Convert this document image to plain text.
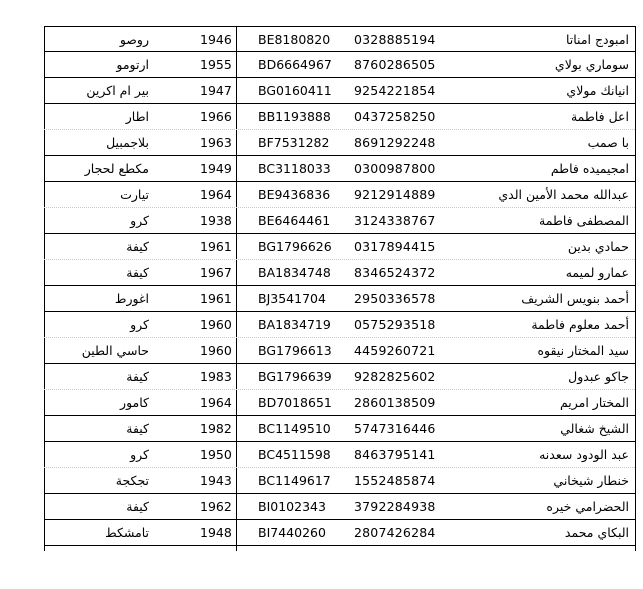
امبودج امناتا
0328885194
BE8180820
1946
روصو
سوماري بولاي
8760286505
BD6664967
1955
ارتومو
انيانك مولاي
9254221854
BG0160411
1947
بير ام اكرين
اعل فاطمة
0437258250
BB1193888
1966
اطار
با صمب
8691292248
BF7531282
1963
بلاجمبيل
امجيميده فاطم
0300987800
BC3118033
1949
مكطع لحجار
عبدالله محمد الأمين الدي
9212914889
BE9436836
1964
تيارت
المصطفى فاطمة
3124338767
BE6464461
1938
كرو
حمادي بدين
0317894415
BG1796626
1961
كيفة
عمارو لميمه
8346524372
BA1834748
1967
كيفة
أحمد بنويس الشريف
2950336578
BJ3541704
1961
اغورط
أحمد معلوم فاطمة
0575293518
BA1834719
1960
كرو
سيد المختار نيقوه
4459260721
BG1796613
1960
حاسي الطين
جاكو عبدول
9282825602
BG1796639
1983
كيفة
المختار امريم
2860138509
BD7018651
1964
كامور
الشيخ شغالي
5747316446
BC1149510
1982
كيفة
عبد الودود سعدنه
8463795141
BC4511598
1950
كرو
خنطار شيخاني
1552485874
BC1149617
1943
تجكجة
الحضرامي خيره
3792284938
BI0102343
1962
كيفة
البكاي محمد
2807426284
BI7440260
1948
تامشكط
